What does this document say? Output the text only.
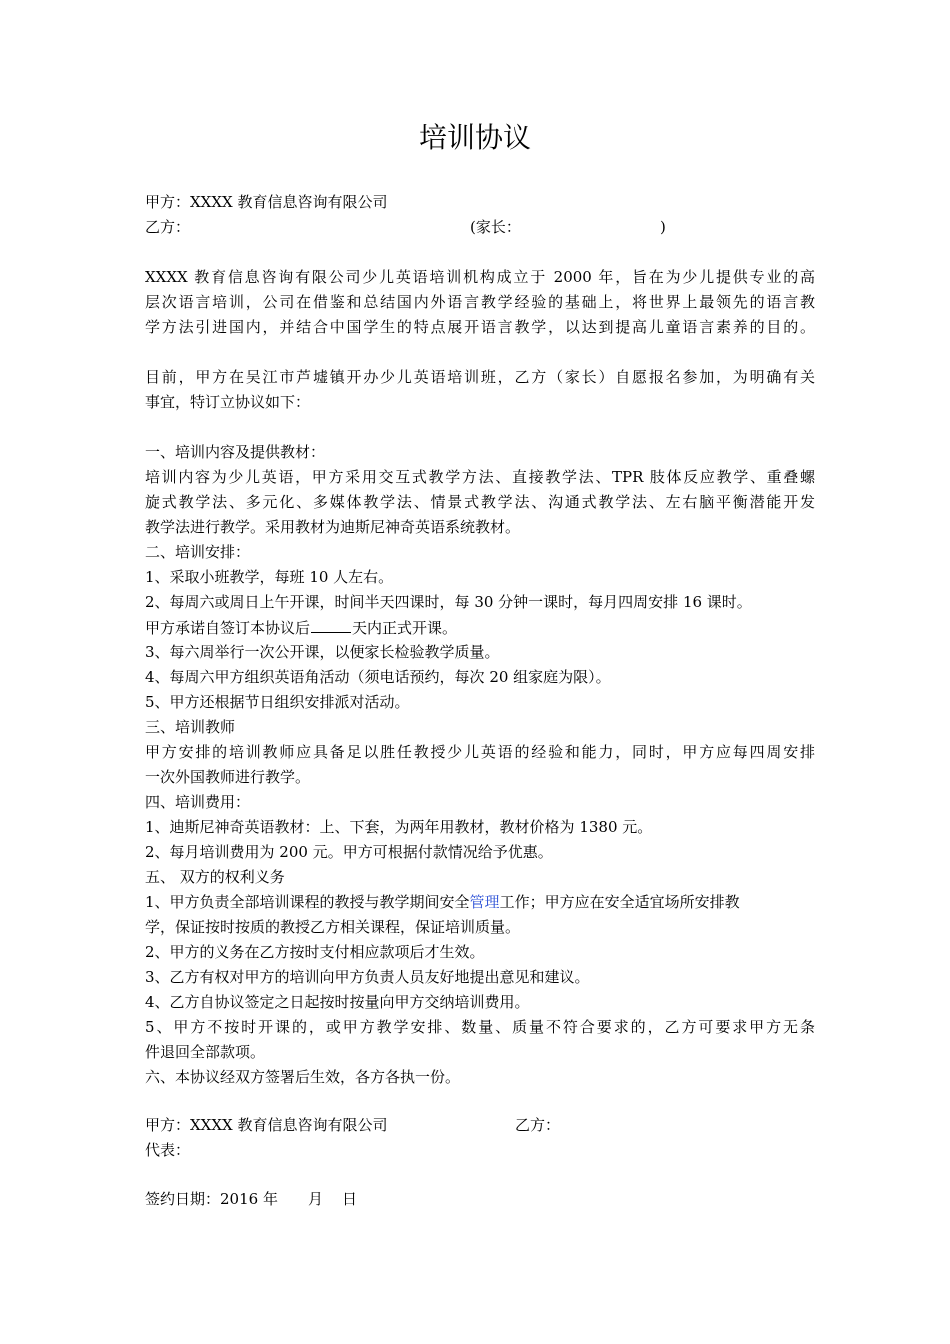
培训协议
甲方：XXXX 教育信息咨询有限公司
乙方：	(家长：	)
XXXX 教育信息咨询有限公司少儿英语培训机构成立于 2000 年，旨在为少儿提供专业的高
层次语言培训，公司在借鉴和总结国内外语言教学经验的基础上，将世界上最领先的语言教
学方法引进国内，并结合中国学生的特点展开语言教学，以达到提高儿童语言素养的目的。
目前，甲方在吴江市芦墟镇开办少儿英语培训班，乙方（家长）自愿报名参加，为明确有关
事宜，特订立协议如下：
一、培训内容及提供教材：
培训内容为少儿英语，甲方采用交互式教学方法、直接教学法、TPR 肢体反应教学、重叠螺
旋式教学法、多元化、多媒体教学法、情景式教学法、沟通式教学法、左右脑平衡潜能开发
教学法进行教学。采用教材为迪斯尼神奇英语系统教材。
二、培训安排：
1、采取小班教学，每班 10 人左右。
2、每周六或周日上午开课，时间半天四课时，每 30 分钟一课时，每月四周安排 16 课时。
甲方承诺自签订本协议后	天内正式开课。
3、每六周举行一次公开课，以便家长检验教学质量。
4、每周六甲方组织英语角活动（须电话预约，每次 20 组家庭为限）。
5、甲方还根据节日组织安排派对活动。
三、培训教师
甲方安排的培训教师应具备足以胜任教授少儿英语的经验和能力，同时，甲方应每四周安排
一次外国教师进行教学。
四、培训费用：
1、迪斯尼神奇英语教材：上、下套，为两年用教材，教材价格为 1380 元。
2、每月培训费用为 200 元。甲方可根据付款情况给予优惠。
五、 双方的权利义务
1、甲方负责全部培训课程的教授与教学期间安全管理工作；甲方应在安全适宜场所安排教
学，保证按时按质的教授乙方相关课程，保证培训质量。
2、甲方的义务在乙方按时支付相应款项后才生效。
3、乙方有权对甲方的培训向甲方负责人员友好地提出意见和建议。
4、乙方自协议签定之日起按时按量向甲方交纳培训费用。
5、甲方不按时开课的，或甲方教学安排、数量、质量不符合要求的，乙方可要求甲方无条
件退回全部款项。
六、本协议经双方签署后生效，各方各执一份。
甲方：XXXX 教育信息咨询有限公司	乙方：
代表：
签约日期：2016 年 月 日
